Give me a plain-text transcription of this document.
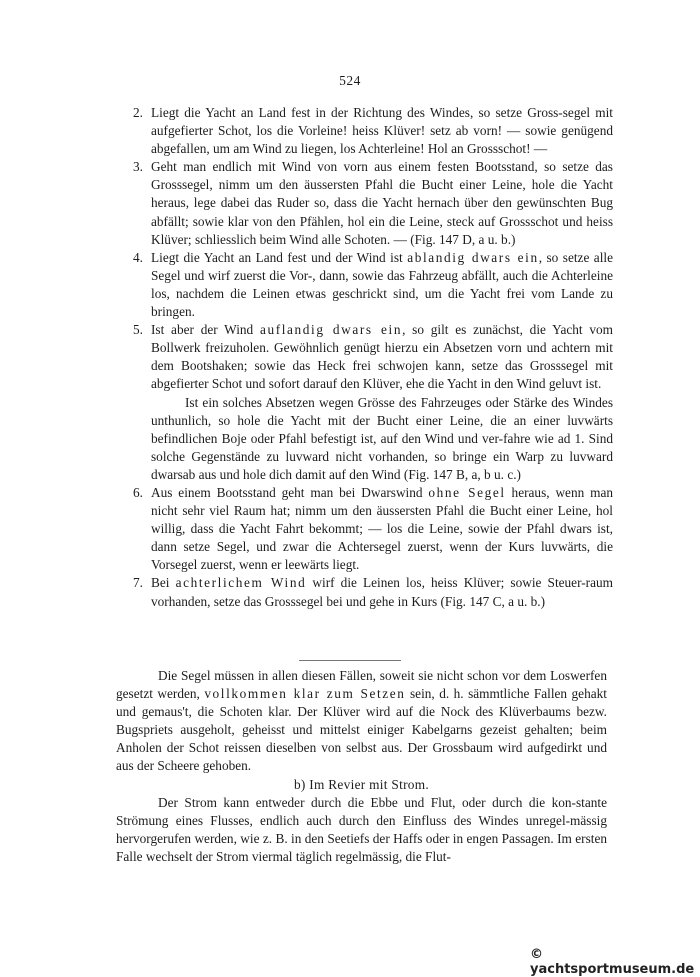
524
2. Liegt die Yacht an Land fest in der Richtung des Windes, so setze Gross-segel mit aufgefierter Schot, los die Vorleine! heiss Klüver! setz ab vorn! — sowie genügend abgefallen, um am Wind zu liegen, los Achterleine! Hol an Grossschot! —
3. Geht man endlich mit Wind von vorn aus einem festen Bootsstand, so setze das Grosssegel, nimm um den äussersten Pfahl die Bucht einer Leine, hole die Yacht heraus, lege dabei das Ruder so, dass die Yacht hernach über den gewünschten Bug abfällt; sowie klar von den Pfählen, hol ein die Leine, steck auf Grossschot und heiss Klüver; schliesslich beim Wind alle Schoten. — (Fig. 147 D, a u. b.)
4. Liegt die Yacht an Land fest und der Wind ist ablandig dwars ein, so setze alle Segel und wirf zuerst die Vor-, dann, sowie das Fahrzeug abfällt, auch die Achterleine los, nachdem die Leinen etwas geschrickt sind, um die Yacht frei vom Lande zu bringen.
5. Ist aber der Wind auflandig dwars ein, so gilt es zunächst, die Yacht vom Bollwerk freizuholen. Gewöhnlich genügt hierzu ein Absetzen vorn und achtern mit dem Bootshaken; sowie das Heck frei schwojen kann, setze das Grosssegel mit abgefierter Schot und sofort darauf den Klüver, ehe die Yacht in den Wind geluvt ist.
Ist ein solches Absetzen wegen Grösse des Fahrzeuges oder Stärke des Windes unthunlich, so hole die Yacht mit der Bucht einer Leine, die an einer luvwärts befindlichen Boje oder Pfahl befestigt ist, auf den Wind und ver-fahre wie ad 1. Sind solche Gegenstände zu luvward nicht vorhanden, so bringe ein Warp zu luvward dwarsab aus und hole dich damit auf den Wind (Fig. 147 B, a, b u. c.)
6. Aus einem Bootsstand geht man bei Dwarswind ohne Segel heraus, wenn man nicht sehr viel Raum hat; nimm um den äussersten Pfahl die Bucht einer Leine, hol willig, dass die Yacht Fahrt bekommt; — los die Leine, sowie der Pfahl dwars ist, dann setze Segel, und zwar die Achtersegel zuerst, wenn der Kurs luvwärts, die Vorsegel zuerst, wenn er leewärts liegt.
7. Bei achterlichem Wind wirf die Leinen los, heiss Klüver; sowie Steuer-raum vorhanden, setze das Grosssegel bei und gehe in Kurs (Fig. 147 C, a u. b.)

Die Segel müssen in allen diesen Fällen, soweit sie nicht schon vor dem Loswerfen gesetzt werden, vollkommen klar zum Setzen sein, d. h. sämmtliche Fallen gehakt und gemaus't, die Schoten klar. Der Klüver wird auf die Nock des Klüverbaums bezw. Bugspriets ausgeholt, geheisst und mittelst einiger Kabelgarns gezeist gehalten; beim Anholen der Schot reissen dieselben von selbst aus. Der Grossbaum wird aufgedirkt und aus der Scheere gehoben.

b) Im Revier mit Strom.

Der Strom kann entweder durch die Ebbe und Flut, oder durch die kon-stante Strömung eines Flusses, endlich auch durch den Einfluss des Windes unregel-mässig hervorgerufen werden, wie z. B. in den Seetiefs der Haffs oder in engen Passagen. Im ersten Falle wechselt der Strom viermal täglich regelmässig, die Flut-

© yachtsportmuseum.de
